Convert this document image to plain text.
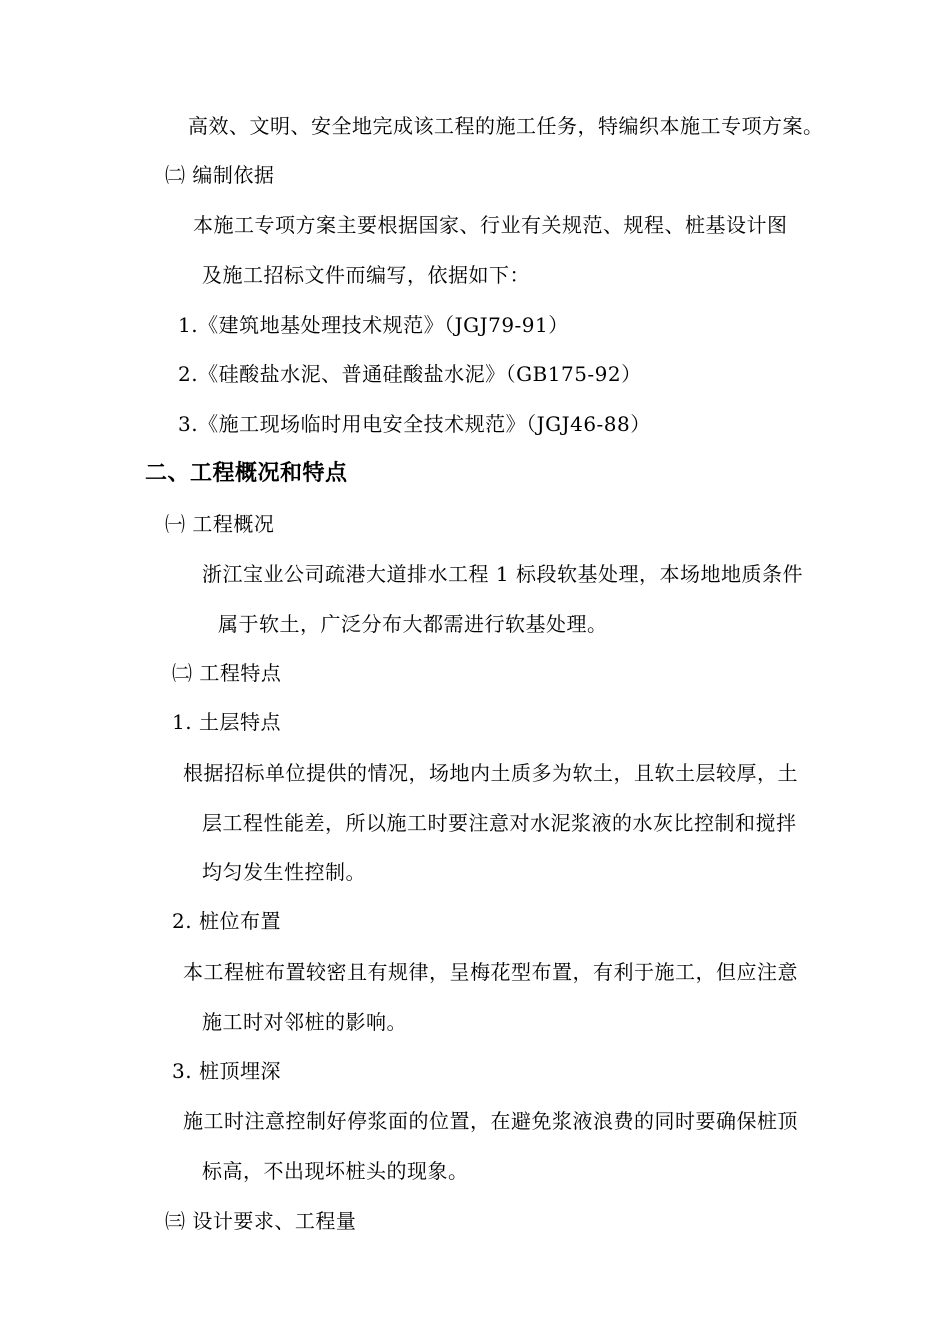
高效、文明、安全地完成该工程的施工任务，特编织本施工专项方案。
㈡ 编制依据
本施工专项方案主要根据国家、行业有关规范、规程、桩基设计图
及施工招标文件而编写，依据如下：
1.《建筑地基处理技术规范》（JGJ79-91）
2.《硅酸盐水泥、普通硅酸盐水泥》（GB175-92）
3.《施工现场临时用电安全技术规范》（JGJ46-88）
二、工程概况和特点
㈠ 工程概况
浙江宝业公司疏港大道排水工程 1 标段软基处理，本场地地质条件
属于软土，广泛分布大都需进行软基处理。
㈡ 工程特点
1. 土层特点
根据招标单位提供的情况，场地内土质多为软土，且软土层较厚，土
层工程性能差，所以施工时要注意对水泥浆液的水灰比控制和搅拌
均匀发生性控制。
2. 桩位布置
本工程桩布置较密且有规律，呈梅花型布置，有利于施工，但应注意
施工时对邻桩的影响。
3. 桩顶埋深
施工时注意控制好停浆面的位置，在避免浆液浪费的同时要确保桩顶
标高，不出现坏桩头的现象。
㈢ 设计要求、工程量
